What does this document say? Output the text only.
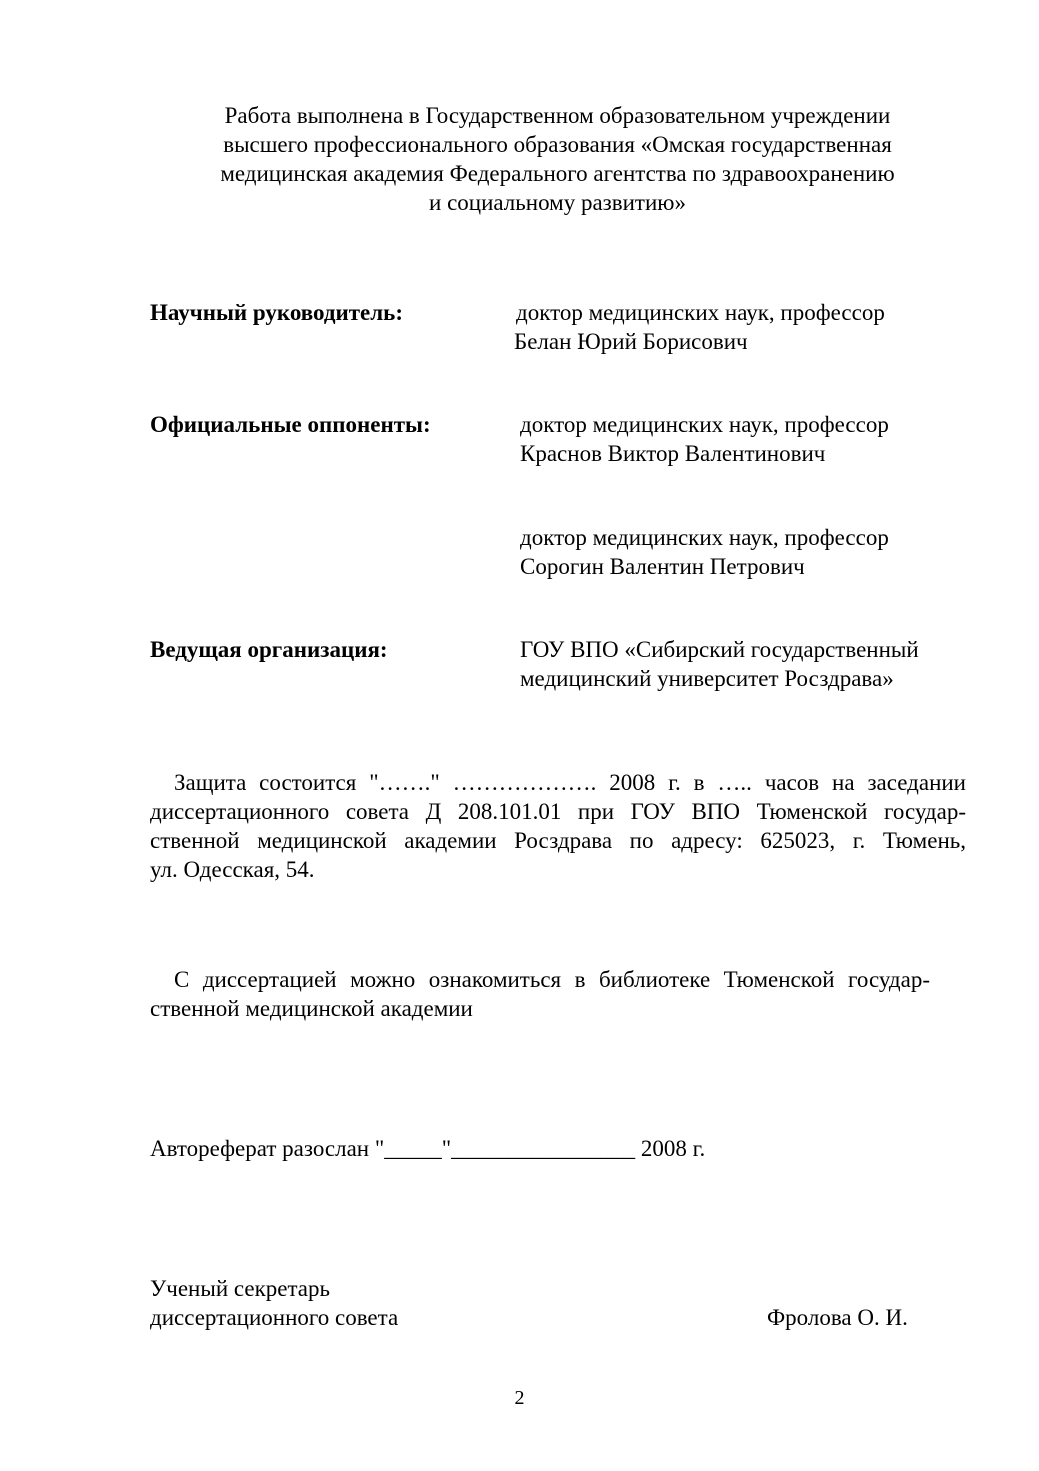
Работа выполнена в Государственном образовательном учреждении
высшего профессионального образования «Омская государственная
медицинская академия Федерального агентства по здравоохранению
и социальному развитию»
Научный руководитель:	доктор медицинских наук, профессор
Белан Юрий Борисович
Официальные оппоненты:	доктор медицинских наук, профессор
Краснов Виктор Валентинович
доктор медицинских наук, профессор
Сорогин Валентин Петрович
Ведущая организация:	ГОУ ВПО «Сибирский государственный
медицинский университет Росздрава»
Защита состоится "……." ………………. 2008 г. в ….. часов на заседании
диссертационного совета Д 208.101.01 при ГОУ ВПО Тюменской государ-
ственной медицинской академии Росздрава по адресу: 625023, г. Тюмень,
ул. Одесская, 54.
С диссертацией можно ознакомиться в библиотеке Тюменской государ-
ственной медицинской академии
Автореферат разослан "_____"________________ 2008 г.
Ученый секретарь
диссертационного совета	Фролова О. И.
2
